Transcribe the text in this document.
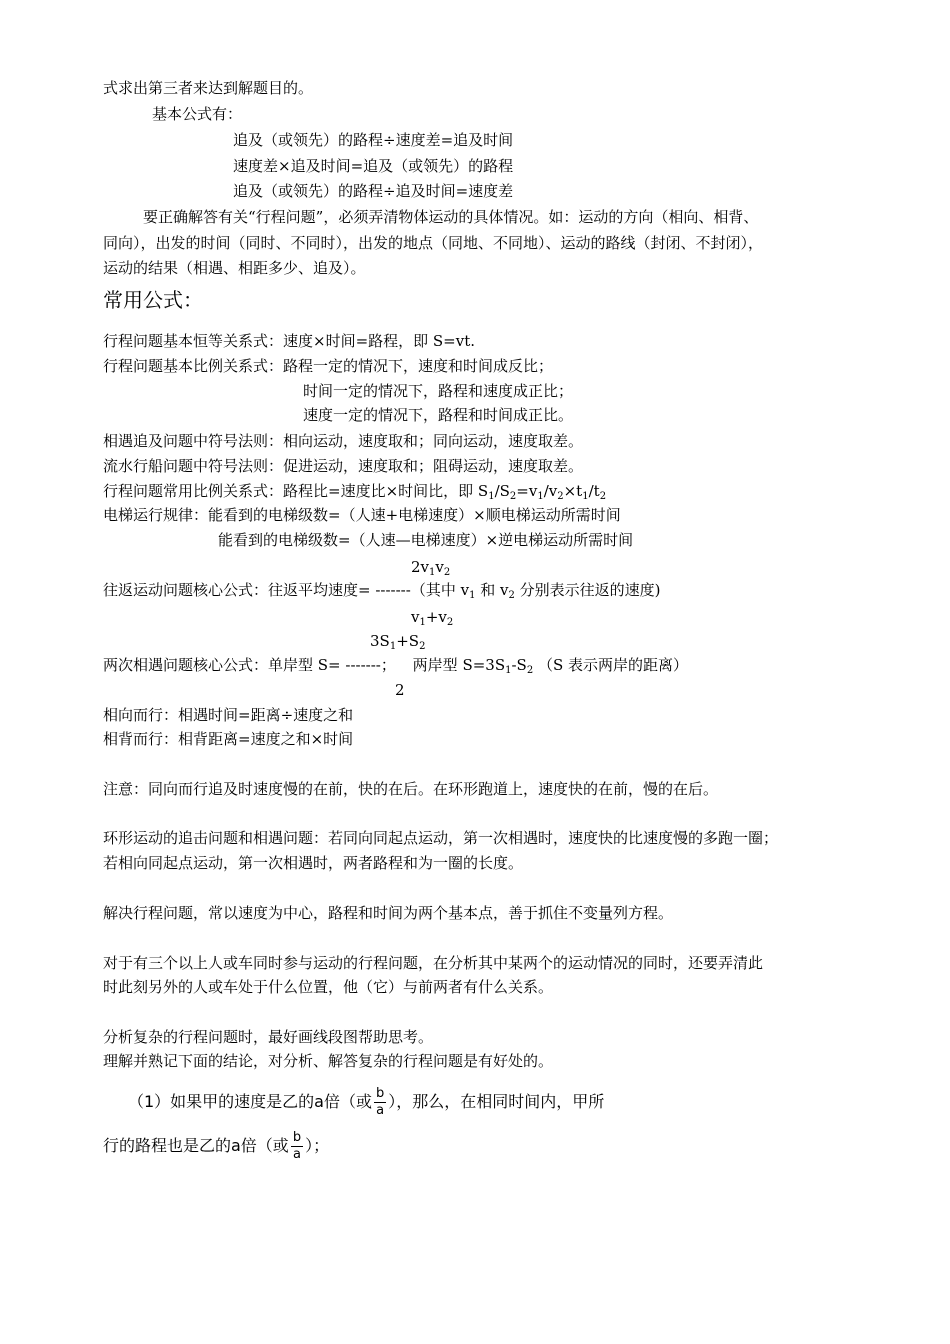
式求出第三者来达到解题目的。
基本公式有：
追及（或领先）的路程÷速度差=追及时间
速度差×追及时间=追及（或领先）的路程
追及（或领先）的路程÷追及时间=速度差
要正确解答有关“行程问题”，必须弄清物体运动的具体情况。如：运动的方向（相向、相背、
同向），出发的时间（同时、不同时），出发的地点（同地、不同地）、运动的路线（封闭、不封闭），
运动的结果（相遇、相距多少、追及）。
常用公式：
行程问题基本恒等关系式：速度×时间=路程，即 S=vt.
行程问题基本比例关系式：路程一定的情况下，速度和时间成反比；
时间一定的情况下，路程和速度成正比；
速度一定的情况下，路程和时间成正比。
相遇追及问题中符号法则：相向运动，速度取和；同向运动，速度取差。
流水行船问题中符号法则：促进运动，速度取和；阻碍运动，速度取差。
行程问题常用比例关系式：路程比=速度比×时间比，即 $S_1/S_2=v_1/v_2\times t_1/t_2$
电梯运行规律：能看到的电梯级数=（人速+电梯速度）×顺电梯运动所需时间
能看到的电梯级数=（人速—电梯速度）×逆电梯运动所需时间
$2v_1v_2$
往返运动问题核心公式：往返平均速度= -------（其中 $v_1$ 和 $v_2$ 分别表示往返的速度)
$v_1+v_2$
$3S_1+S_2$
两次相遇问题核心公式：单岸型 S= -------； 两岸型 $S=3S_1-S_2$ （S 表示两岸的距离）
2
相向而行：相遇时间=距离÷速度之和
相背而行：相背距离=速度之和×时间
注意：同向而行追及时速度慢的在前，快的在后。在环形跑道上，速度快的在前，慢的在后。
环形运动的追击问题和相遇问题：若同向同起点运动，第一次相遇时，速度快的比速度慢的多跑一圈；
若相向同起点运动，第一次相遇时，两者路程和为一圈的长度。
解决行程问题，常以速度为中心，路程和时间为两个基本点，善于抓住不变量列方程。
对于有三个以上人或车同时参与运动的行程问题，在分析其中某两个的运动情况的同时，还要弄清此
时此刻另外的人或车处于什么位置，他（它）与前两者有什么关系。
分析复杂的行程问题时，最好画线段图帮助思考。
理解并熟记下面的结论，对分析、解答复杂的行程问题是有好处的。
（1）如果甲的速度是乙的a倍（或 $\frac{b}{a}$ ），那么，在相同时间内，甲所
行的路程也是乙的a倍（或 $\frac{b}{a}$ ）；
